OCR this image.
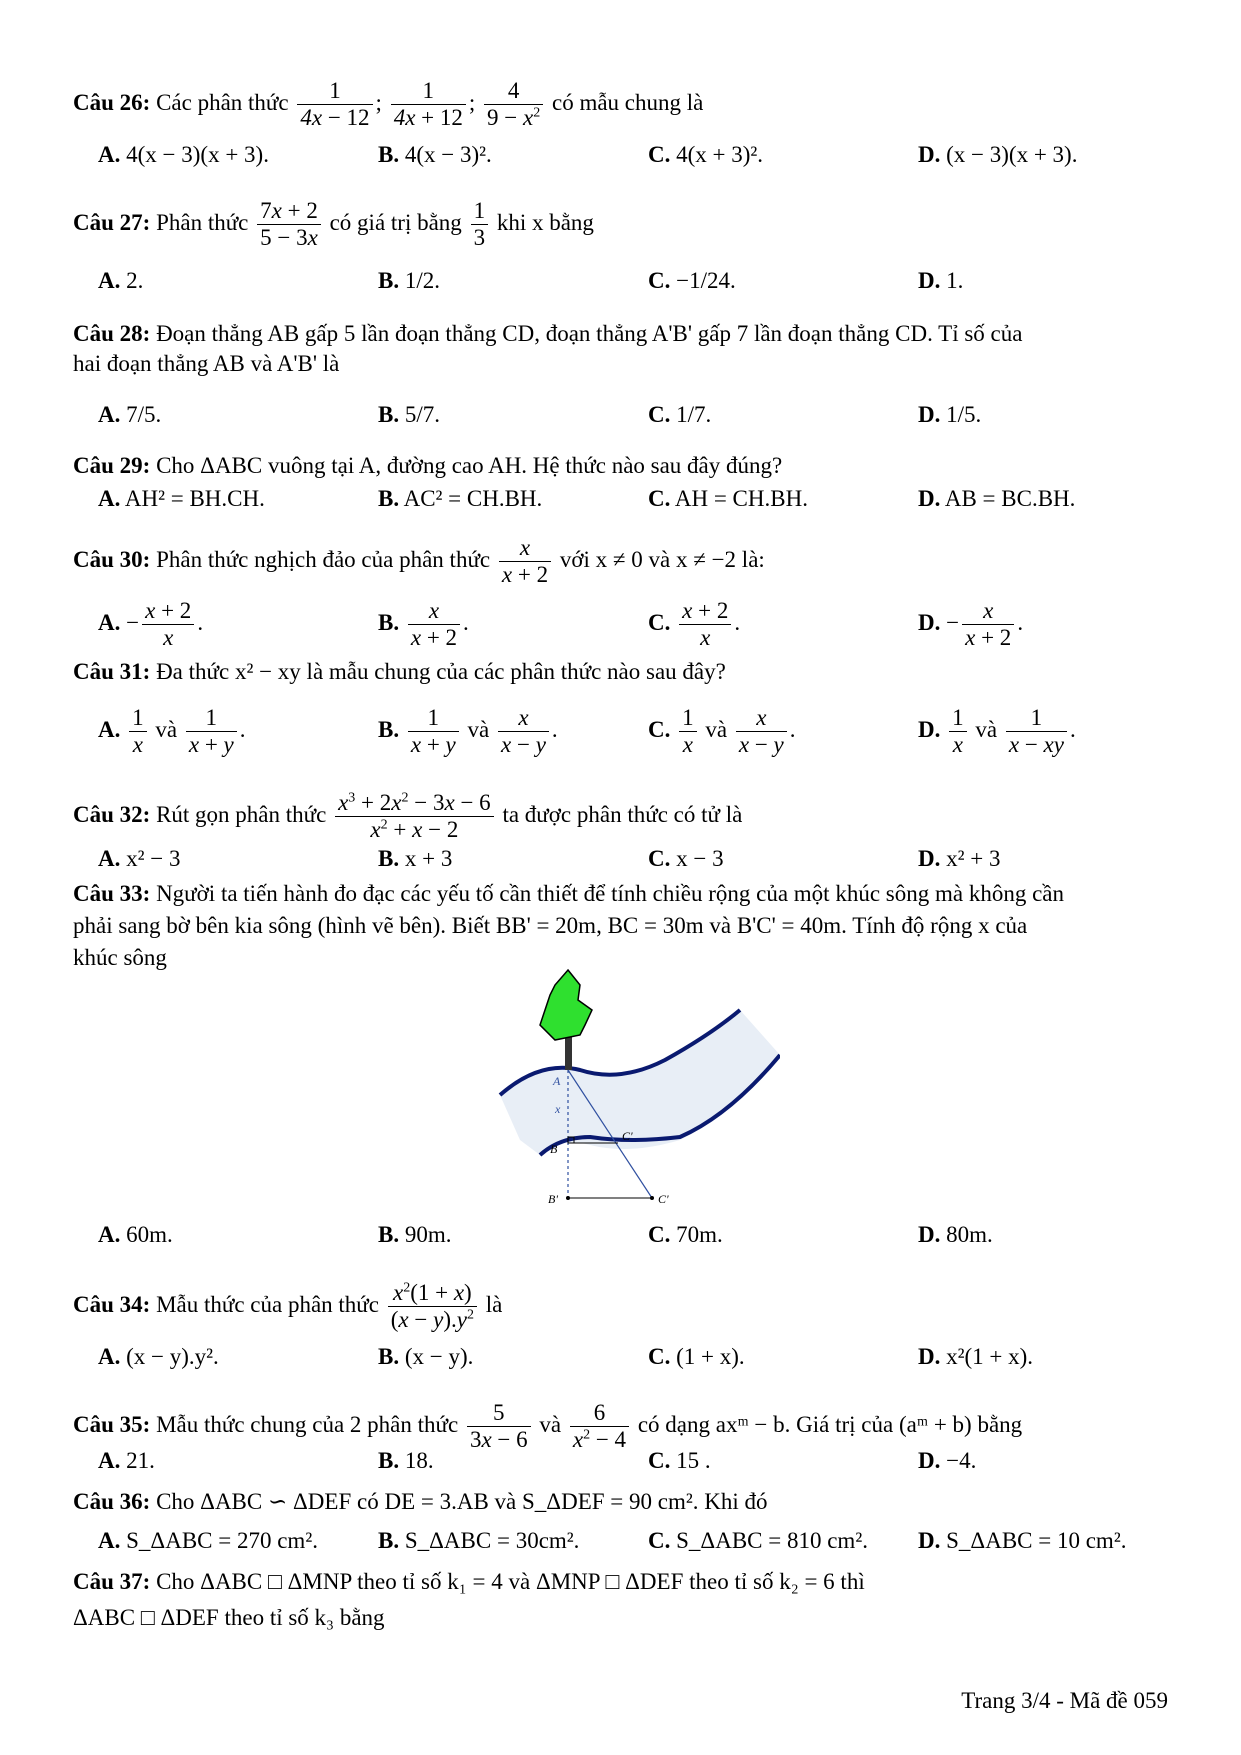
Câu 26: Các phân thức $\frac{1}{4x - 12}$ ; $\frac{1}{4x + 12}$ ; $\frac{4}{9 - x^2}$ có mẫu chung là
A. 4(x − 3)(x + 3).	B. 4(x − 3)².	C. 4(x + 3)².	D. (x − 3)(x + 3).
Câu 27: Phân thức $\frac{7x + 2}{5 - 3x}$ có giá trị bằng $\frac{1}{3}$ khi x bằng
A. 2.	B. 1/2.	C. −1/24.	D. 1.
Câu 28: Đoạn thẳng AB gấp 5 lần đoạn thẳng CD, đoạn thẳng A'B' gấp 7 lần đoạn thẳng CD. Tỉ số của
hai đoạn thẳng AB và A'B' là
A. 7/5.	B. 5/7.	C. 1/7.	D. 1/5.
Câu 29: Cho ΔABC vuông tại A, đường cao AH. Hệ thức nào sau đây đúng?
A. AH² = BH.CH.	B. AC² = CH.BH.	C. AH = CH.BH.	D. AB = BC.BH.
Câu 30: Phân thức nghịch đảo của phân thức $\frac{x}{x + 2}$ với x ≠ 0 và x ≠ −2 là:
A. − $\frac{x + 2}{x}$ .	B. $\frac{x}{x + 2}$ .	C. $\frac{x + 2}{x}$ .	D. − $\frac{x}{x + 2}$ .
Câu 31: Đa thức x² − xy là mẫu chung của các phân thức nào sau đây?
A. $\frac{1}{x}$ và $\frac{1}{x + y}$ .	B. $\frac{1}{x + y}$ và $\frac{x}{x - y}$ .	C. $\frac{1}{x}$ và $\frac{x}{x - y}$ .	D. $\frac{1}{x}$ và $\frac{1}{x - xy}$ .
Câu 32: Rút gọn phân thức $\frac{x^3 + 2x^2 - 3x - 6}{x^2 + x - 2}$ ta được phân thức có tử là
A. x² − 3	B. x + 3	C. x − 3	D. x² + 3
Câu 33: Người ta tiến hành đo đạc các yếu tố cần thiết để tính chiều rộng của một khúc sông mà không cần
phải sang bờ bên kia sông (hình vẽ bên). Biết BB' = 20m, BC = 30m và B'C' = 40m. Tính độ rộng x của
khúc sông
A
x
B
C'
B'	C'
A. 60m.	B. 90m.	C. 70m.	D. 80m.
Câu 34: Mẫu thức của phân thức $\frac{x^2(1 + x)}{(x - y).y^2}$ là
A. (x − y).y².	B. (x − y).	C. (1 + x).	D. x²(1 + x).
Câu 35: Mẫu thức chung của 2 phân thức $\frac{5}{3x - 6}$ và $\frac{6}{x^2 - 4}$ có dạng axᵐ − b. Giá trị của (aᵐ + b) bằng
A. 21.	B. 18.	C. 15 .	D. −4.
Câu 36: Cho ΔABC ∽ ΔDEF có DE = 3.AB và S_ΔDEF = 90 cm². Khi đó
A. S_ΔABC = 270 cm².	B. S_ΔABC = 30cm².	C. S_ΔABC = 810 cm². D. S_ΔABC = 10 cm².
Câu 37: Cho ΔABC □ ΔMNP theo tỉ số k₁ = 4 và ΔMNP □ ΔDEF theo tỉ số k₂ = 6 thì
ΔABC □ ΔDEF theo tỉ số k₃ bằng
Trang 3/4 - Mã đề 059
